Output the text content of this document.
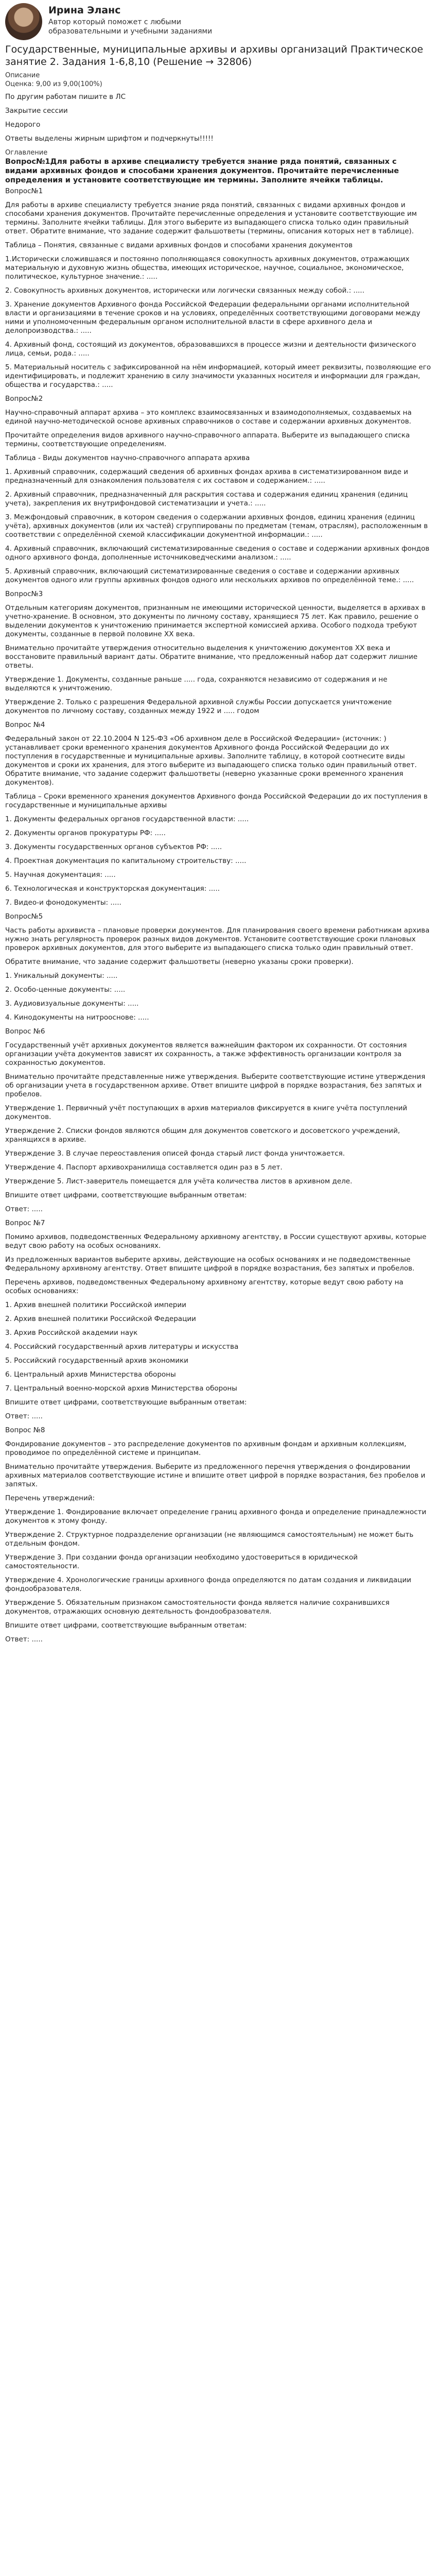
Ирина Эланс
Автор который поможет с любыми образовательными и учебными заданиями
Государственные, муниципальные архивы и архивы организаций Практическое занятие 2. Задания 1-6,8,10 (Решение → 32806)
Описание
Оценка: 9,00 из 9,00(100%)
По другим работам пишите в ЛС
Закрытие сессии
Недорого
Ответы выделены жирным шрифтом и подчеркнуты!!!!!
Оглавление
Вопрос№1Для работы в архиве специалисту требуется знание ряда понятий, связанных с видами архивных фондов и способами хранения документов. Прочитайте перечисленные определения и установите соответствующие им термины. Заполните ячейки таблицы.
Вопрос№1

Для работы в архиве специалисту требуется знание ряда понятий, связанных с видами архивных фондов и способами хранения документов. Прочитайте перечисленные определения и установите соответствующие им термины. Заполните ячейки таблицы. Для этого выберите из выпадающего списка только один правильный ответ. Обратите внимание, что задание содержит фальшответы (термины, описания которых нет в таблице).

Таблица – Понятия, связанные с видами архивных фондов и способами хранения документов

1.Исторически сложившаяся и постоянно пополняющаяся совокупность архивных документов, отражающих материальную и духовную жизнь общества, имеющих историческое, научное, социальное, экономическое, политическое, культурное значение.: .....

2. Совокупность архивных документов, исторически или логически связанных между собой.: .....

3. Хранение документов Архивного фонда Российской Федерации федеральными органами исполнительной власти и организациями в течение сроков и на условиях, определённых соответствующими договорами между ними и уполномоченным федеральным органом исполнительной власти в сфере архивного дела и делопроизводства.: .....

4. Архивный фонд, состоящий из документов, образовавшихся в процессе жизни и деятельности физического лица, семьи, рода.: .....

5. Материальный носитель с зафиксированной на нём информацией, который имеет реквизиты, позволяющие его идентифицировать, и подлежит хранению в силу значимости указанных носителя и информации для граждан, общества и государства.: .....

Вопрос№2

Научно-справочный аппарат архива – это комплекс взаимосвязанных и взаимодополняемых, создаваемых на единой научно-методической основе архивных справочников о составе и содержании архивных документов.

Прочитайте определения видов архивного научно-справочного аппарата. Выберите из выпадающего списка термины, соответствующие определениям.

Таблица - Виды документов научно-справочного аппарата архива

1. Архивный справочник, содержащий сведения об архивных фондах архива в систематизированном виде и предназначенный для ознакомления пользователя с их составом и содержанием.: .....

2. Архивный справочник, предназначенный для раскрытия состава и содержания единиц хранения (единиц учета), закрепления их внутрифондовой систематизации и учета.: .....

3. Межфондовый справочник, в котором сведения о содержании архивных фондов, единиц хранения (единиц учёта), архивных документов (или их частей) сгруппированы по предметам (темам, отраслям), расположенным в соответствии с определённой схемой классификации документной информации.: .....

4. Архивный справочник, включающий систематизированные сведения о составе и содержании архивных фондов одного архивного фонда, дополненные источниковедческими анализом.: .....

5. Архивный справочник, включающий систематизированные сведения о составе и содержании архивных документов одного или группы архивных фондов одного или нескольких архивов по определённой теме.: .....

Вопрос№3

Отдельным категориям документов, признанным не имеющими исторической ценности, выделяется в архивах в учетно-хранение. В основном, это документы по личному составу, хранящиеся 75 лет. Как правило, решение о выделении документов к уничтожению принимается экспертной комиссией архива. Особого подхода требуют документы, созданные в первой половине XX века.

Внимательно прочитайте утверждения относительно выделения к уничтожению документов XX века и восстановите правильный вариант даты. Обратите внимание, что предложенный набор дат содержит лишние ответы.

Утверждение 1. Документы, созданные раньше ..... года, сохраняются независимо от содержания и не выделяются к уничтожению.

Утверждение 2. Только с разрешения Федеральной архивной службы России допускается уничтожение документов по личному составу, созданных между 1922 и ..... годом

Вопрос №4

Федеральный закон от 22.10.2004 N 125-ФЗ «Об архивном деле в Российской Федерации» (источник: ) устанавливает сроки временного хранения документов Архивного фонда Российской Федерации до их поступления в государственные и муниципальные архивы. Заполните таблицу, в которой соотнесите виды документов и сроки их хранения, для этого выберите из выпадающего списка только один правильный ответ. Обратите внимание, что задание содержит фальшответы (неверно указанные сроки временного хранения документов).

Таблица – Сроки временного хранения документов Архивного фонда Российской Федерации до их поступления в государственные и муниципальные архивы

1. Документы федеральных органов государственной власти: .....

2. Документы органов прокуратуры РФ: .....

3. Документы государственных органов субъектов РФ: .....

4. Проектная документация по капитальному строительству: .....

5. Научная документация: .....

6. Технологическая и конструкторская документация: .....

7. Видео-и фонодокументы: .....

Вопрос№5

Часть работы архивиста – плановые проверки документов. Для планирования своего времени работникам архива нужно знать регулярность проверок разных видов документов. Установите соответствующие сроки плановых проверок архивных документов, для этого выберите из выпадающего списка только один правильный ответ.

Обратите внимание, что задание содержит фальшответы (неверно указаны сроки проверки).

1. Уникальный документы: .....

2. Особо-ценные документы: .....

3. Аудиовизуальные документы: .....

4. Кинодокументы на нитрооснове: .....

Вопрос №6

Государственный учёт архивных документов является важнейшим фактором их сохранности. От состояния организации учёта документов зависят их сохранность, а также эффективность организации контроля за сохранностью документов.

Внимательно прочитайте представленные ниже утверждения. Выберите соответствующие истине утверждения об организации учета в государственном архиве. Ответ впишите цифрой в порядке возрастания, без запятых и пробелов.

Утверждение 1. Первичный учёт поступающих в архив материалов фиксируется в книге учёта поступлений документов.

Утверждение 2. Списки фондов являются общим для документов советского и досоветского учреждений, хранящихся в архиве.

Утверждение 3. В случае переоставления описей фонда старый лист фонда уничтожается.

Утверждение 4. Паспорт архивохранилища составляется один раз в 5 лет.

Утверждение 5. Лист-заверитель помещается для учёта количества листов в архивном деле.

Впишите ответ цифрами, соответствующие выбранным ответам:

Ответ: .....

Вопрос №7

Помимо архивов, подведомственных Федеральному архивному агентству, в России существуют архивы, которые ведут свою работу на особых основаниях.

Из предложенных вариантов выберите архивы, действующие на особых основаниях и не подведомственные Федеральному архивному агентству. Ответ впишите цифрой в порядке возрастания, без запятых и пробелов.

Перечень архивов, подведомственных Федеральному архивному агентству, которые ведут свою работу на особых основаниях:

1. Архив внешней политики Российской империи

2. Архив внешней политики Российской Федерации

3. Архив Российской академии наук

4. Российский государственный архив литературы и искусства

5. Российский государственный архив экономики

6. Центральный архив Министерства обороны

7. Центральный военно-морской архив Министерства обороны

Впишите ответ цифрами, соответствующие выбранным ответам:

Ответ: .....

Вопрос №8

Фондирование документов – это распределение документов по архивным фондам и архивным коллекциям, проводимое по определённой системе и принципам.

Внимательно прочитайте утверждения. Выберите из предложенного перечня утверждения о фондировании архивных материалов соответствующие истине и впишите ответ цифрой в порядке возрастания, без пробелов и запятых.

Перечень утверждений:

Утверждение 1. Фондирование включает определение границ архивного фонда и определение принадлежности документов к этому фонду.

Утверждение 2. Структурное подразделение организации (не являющимся самостоятельным) не может быть отдельным фондом.

Утверждение 3. При создании фонда организации необходимо удостовериться в юридической самостоятельности.

Утверждение 4. Хронологические границы архивного фонда определяются по датам создания и ликвидации фондообразователя.

Утверждение 5. Обязательным признаком самостоятельности фонда является наличие сохранившихся документов, отражающих основную деятельность фондообразователя.

Впишите ответ цифрами, соответствующие выбранным ответам:

Ответ: .....
